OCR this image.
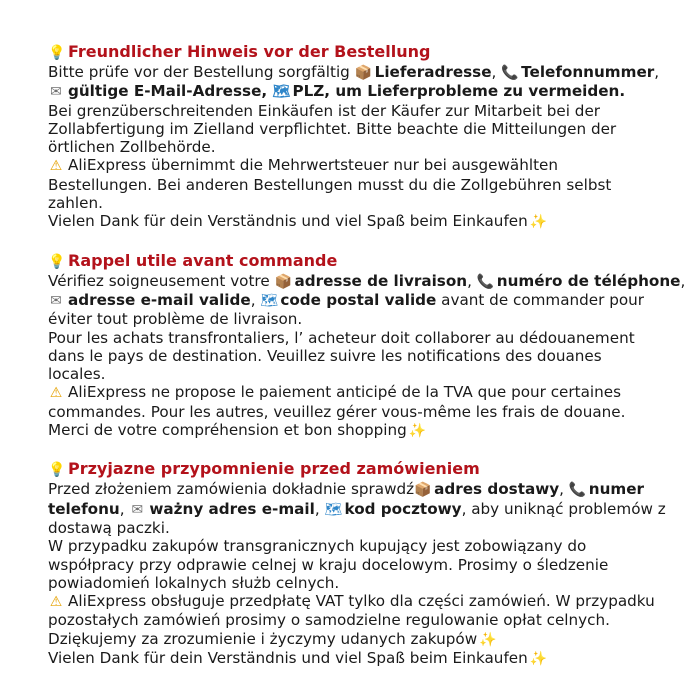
💡 Freundlicher Hinweis vor der Bestellung
Bitte prüfe vor der Bestellung sorgfältig 📦 Lieferadresse, 📞 Telefonnummer,
✉ gültige E-Mail-Adresse, 🗺 PLZ, um Lieferprobleme zu vermeiden.
Bei grenzüberschreitenden Einkäufen ist der Käufer zur Mitarbeit bei der
Zollabfertigung im Zielland verpflichtet. Bitte beachte die Mitteilungen der
örtlichen Zollbehörde.
⚠ AliExpress übernimmt die Mehrwertsteuer nur bei ausgewählten
Bestellungen. Bei anderen Bestellungen musst du die Zollgebühren selbst
zahlen.
Vielen Dank für dein Verständnis und viel Spaß beim Einkaufen ✨
💡 Rappel utile avant commande
Vérifiez soigneusement votre 📦 adresse de livraison, 📞 numéro de téléphone,
✉ adresse e-mail valide, 🗺 code postal valide avant de commander pour
éviter tout problème de livraison.
Pour les achats transfrontaliers, l’ acheteur doit collaborer au dédouanement
dans le pays de destination. Veuillez suivre les notifications des douanes
locales.
⚠ AliExpress ne propose le paiement anticipé de la TVA que pour certaines
commandes. Pour les autres, veuillez gérer vous-même les frais de douane.
Merci de votre compréhension et bon shopping ✨
💡 Przyjazne przypomnienie przed zamówieniem
Przed złożeniem zamówienia dokładnie sprawdź📦 adres dostawy, 📞 numer
telefonu, ✉ ważny adres e-mail, 🗺 kod pocztowy, aby uniknąć problemów z
dostawą paczki.
W przypadku zakupów transgranicznych kupujący jest zobowiązany do
współpracy przy odprawie celnej w kraju docelowym. Prosimy o śledzenie
powiadomień lokalnych służb celnych.
⚠ AliExpress obsługuje przedpłatę VAT tylko dla części zamówień. W przypadku
pozostałych zamówień prosimy o samodzielne regulowanie opłat celnych.
Dziękujemy za zrozumienie i życzymy udanych zakupów ✨
Vielen Dank für dein Verständnis und viel Spaß beim Einkaufen ✨
